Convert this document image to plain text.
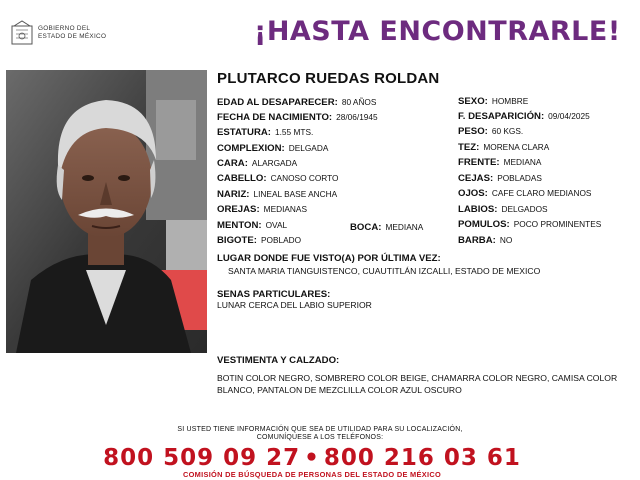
GOBIERNO DEL
ESTADO DE MÉXICO	¡HASTA ENCONTRARLE!
PLUTARCO RUEDAS ROLDAN
EDAD AL DESAPARECER: 80 AÑOS
FECHA DE NACIMIENTO: 28/06/1945
ESTATURA: 1.55 MTS.
COMPLEXION: DELGADA
CARA: ALARGADA
CABELLO: CANOSO CORTO
NARIZ: LINEAL BASE ANCHA
OREJAS: MEDIANAS
MENTON: OVAL	BOCA: MEDIANA
BIGOTE: POBLADO
SEXO: HOMBRE
F. DESAPARICIÓN: 09/04/2025
PESO: 60 KGS.
TEZ: MORENA CLARA
FRENTE: MEDIANA
CEJAS: POBLADAS
OJOS: CAFE CLARO MEDIANOS
LABIOS: DELGADOS
POMULOS: POCO PROMINENTES
BARBA: NO
LUGAR DONDE FUE VISTO(A) POR ÚLTIMA VEZ:
SANTA MARIA TIANGUISTENCO, CUAUTITLÁN IZCALLI, ESTADO DE MEXICO
SENAS PARTICULARES:
LUNAR CERCA DEL LABIO SUPERIOR
VESTIMENTA Y CALZADO:
BOTIN COLOR NEGRO, SOMBRERO COLOR BEIGE, CHAMARRA COLOR NEGRO, CAMISA COLOR BLANCO, PANTALON DE MEZCLILLA COLOR AZUL OSCURO
SI USTED TIENE INFORMACIÓN QUE SEA DE UTILIDAD PARA SU LOCALIZACIÓN,
COMUNÍQUESE A LOS TELÉFONOS:
800 509 09 27 • 800 216 03 61
COMISIÓN DE BÚSQUEDA DE PERSONAS DEL ESTADO DE MÉXICO
